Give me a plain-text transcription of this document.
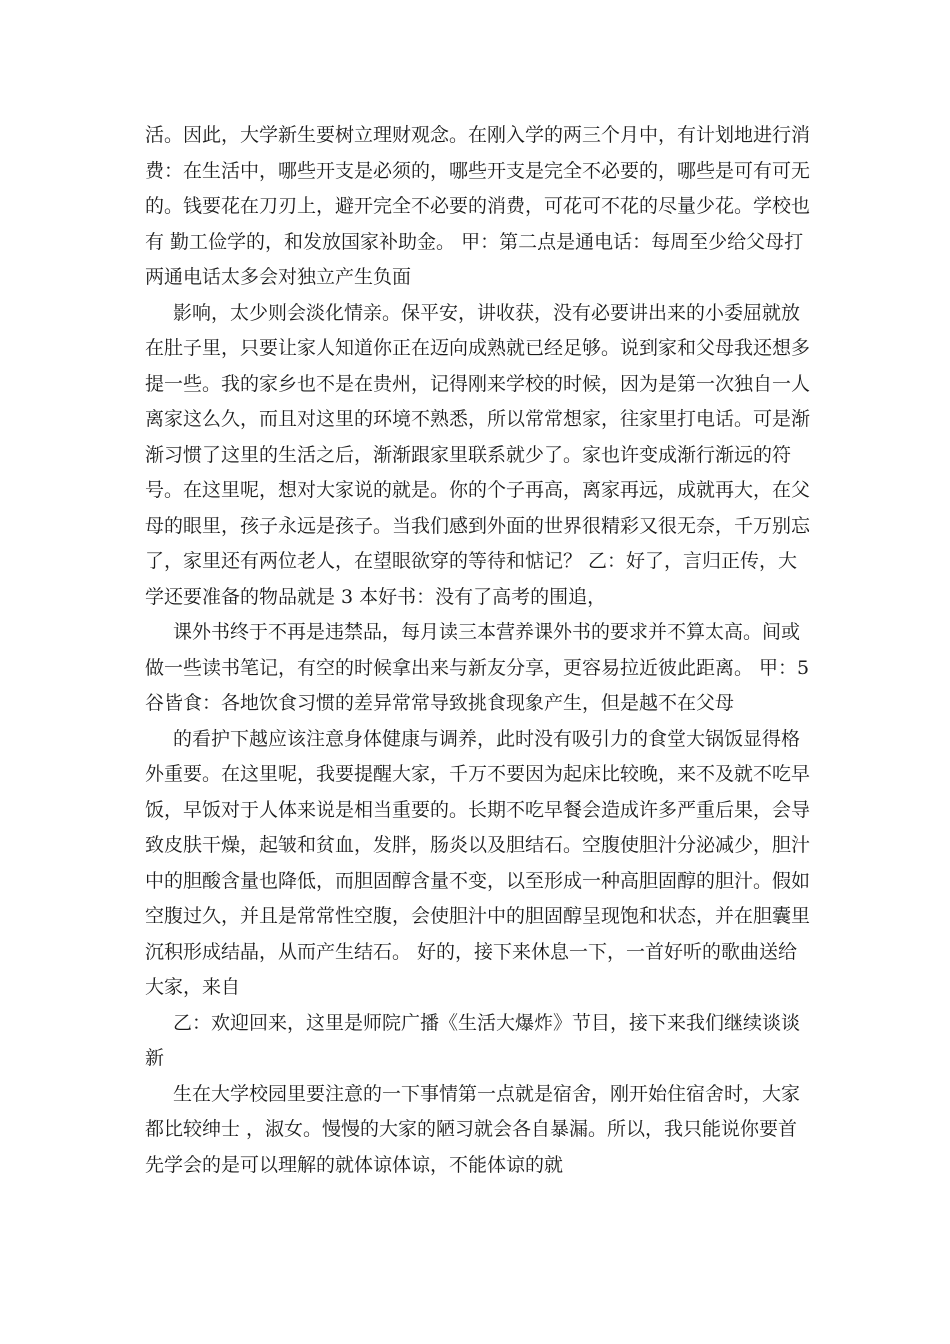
活。因此，大学新生要树立理财观念。在刚入学的两三个月中，有计划地进行消费：在生活中，哪些开支是必须的，哪些开支是完全不必要的，哪些是可有可无的。钱要花在刀刃上，避开完全不必要的消费，可花可不花的尽量少花。学校也有 勤工俭学的，和发放国家补助金。 甲：第二点是通电话：每周至少给父母打两通电话太多会对独立产生负面

影响，太少则会淡化情亲。保平安，讲收获，没有必要讲出来的小委屈就放在肚子里，只要让家人知道你正在迈向成熟就已经足够。说到家和父母我还想多提一些。我的家乡也不是在贵州，记得刚来学校的时候，因为是第一次独自一人离家这么久，而且对这里的环境不熟悉，所以常常想家，往家里打电话。可是渐渐习惯了这里的生活之后，渐渐跟家里联系就少了。家也许变成渐行渐远的符号。在这里呢，想对大家说的就是。你的个子再高，离家再远，成就再大，在父母的眼里，孩子永远是孩子。当我们感到外面的世界很精彩又很无奈，千万别忘了，家里还有两位老人，在望眼欲穿的等待和惦记？ 乙：好了，言归正传，大学还要准备的物品就是 3 本好书：没有了高考的围追，

课外书终于不再是违禁品，每月读三本营养课外书的要求并不算太高。间或做一些读书笔记，有空的时候拿出来与新友分享，更容易拉近彼此距离。 甲：5 谷皆食：各地饮食习惯的差异常常导致挑食现象产生，但是越不在父母

的看护下越应该注意身体健康与调养，此时没有吸引力的食堂大锅饭显得格外重要。在这里呢，我要提醒大家，千万不要因为起床比较晚，来不及就不吃早饭，早饭对于人体来说是相当重要的。长期不吃早餐会造成许多严重后果，会导致皮肤干燥，起皱和贫血，发胖，肠炎以及胆结石。空腹使胆汁分泌减少，胆汁中的胆酸含量也降低，而胆固醇含量不变，以至形成一种高胆固醇的胆汁。假如空腹过久，并且是常常性空腹，会使胆汁中的胆固醇呈现饱和状态，并在胆囊里沉积形成结晶，从而产生结石。 好的，接下来休息一下，一首好听的歌曲送给大家，来自

乙：欢迎回来，这里是师院广播《生活大爆炸》节目，接下来我们继续谈谈新

生在大学校园里要注意的一下事情第一点就是宿舍，刚开始住宿舍时，大家都比较绅士 ，淑女。慢慢的大家的陋习就会各自暴漏。所以，我只能说你要首先学会的是可以理解的就体谅体谅，不能体谅的就
